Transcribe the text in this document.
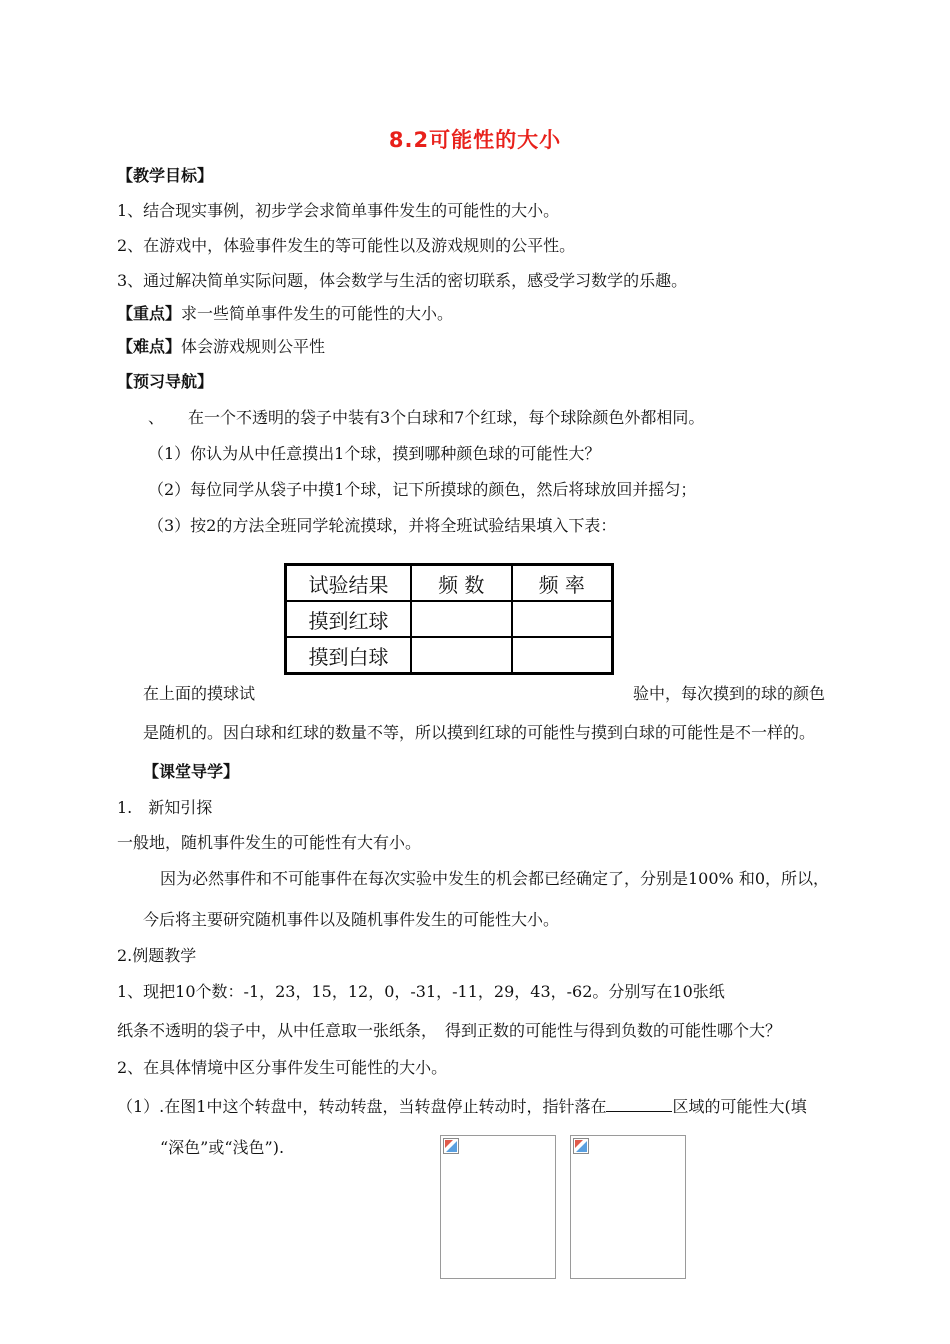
8.2可能性的大小
【教学目标】
1、结合现实事例，初步学会求简单事件发生的可能性的大小。
2、在游戏中，体验事件发生的等可能性以及游戏规则的公平性。
3、通过解决简单实际问题，体会数学与生活的密切联系，感受学习数学的乐趣。
【重点】求一些简单事件发生的可能性的大小。
【难点】体会游戏规则公平性
【预习导航】
、　　在一个不透明的袋子中装有3个白球和7个红球，每个球除颜色外都相同。
（1）你认为从中任意摸出1个球，摸到哪种颜色球的可能性大？
（2）每位同学从袋子中摸1个球，记下所摸球的颜色，然后将球放回并摇匀；
（3）按2的方法全班同学轮流摸球，并将全班试验结果填入下表：
试验结果	频 数	频 率
摸到红球		
摸到白球		
在上面的摸球试	验中，每次摸到的球的颜色
是随机的。因白球和红球的数量不等，所以摸到红球的可能性与摸到白球的可能性是不一样的。
【课堂导学】
1.　新知引探
一般地，随机事件发生的可能性有大有小。
因为必然事件和不可能事件在每次实验中发生的机会都已经确定了，分别是100% 和0，所以，
今后将主要研究随机事件以及随机事件发生的可能性大小。
2.例题教学
1、现把10个数：-1，23，15，12，0，-31，-11，29，43，-62。分别写在10张纸
纸条不透明的袋子中，从中任意取一张纸条，　得到正数的可能性与得到负数的可能性哪个大？
2、在具体情境中区分事件发生可能性的大小。
（1）.在图1中这个转盘中，转动转盘，当转盘停止转动时，指针落在	区域的可能性大(填
“深色”或“浅色”).
